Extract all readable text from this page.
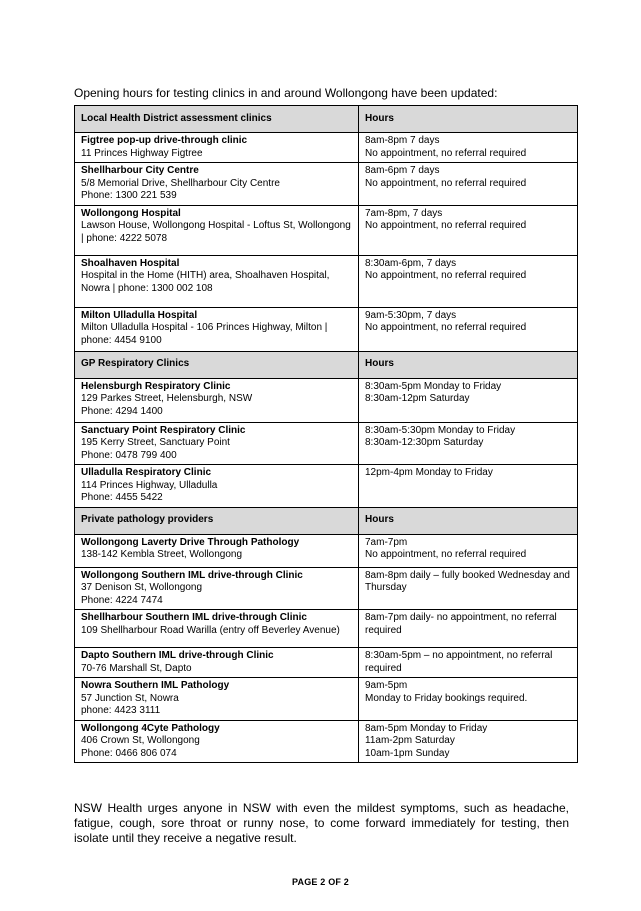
Opening hours for testing clinics in and around Wollongong have been updated:

Local Health District assessment clinics	Hours

Figtree pop-up drive-through clinic
11 Princes Highway Figtree	8am-8pm 7 days
No appointment, no referral required

Shellharbour City Centre
5/8 Memorial Drive, Shellharbour City Centre
Phone: 1300 221 539	8am-6pm 7 days
No appointment, no referral required

Wollongong Hospital
Lawson House, Wollongong Hospital - Loftus St, Wollongong | phone: 4222 5078	7am-8pm, 7 days
No appointment, no referral required

Shoalhaven Hospital
Hospital in the Home (HITH) area, Shoalhaven Hospital, Nowra | phone: 1300 002 108	8:30am-6pm, 7 days
No appointment, no referral required

Milton Ulladulla Hospital
Milton Ulladulla Hospital - 106 Princes Highway, Milton | phone: 4454 9100	9am-5:30pm, 7 days
No appointment, no referral required

GP Respiratory Clinics	Hours

Helensburgh Respiratory Clinic
129 Parkes Street, Helensburgh, NSW
Phone: 4294 1400	8:30am-5pm Monday to Friday
8:30am-12pm Saturday

Sanctuary Point Respiratory Clinic
195 Kerry Street, Sanctuary Point
Phone: 0478 799 400	8:30am-5:30pm Monday to Friday
8:30am-12:30pm Saturday

Ulladulla Respiratory Clinic
114 Princes Highway, Ulladulla
Phone: 4455 5422	12pm-4pm Monday to Friday

Private pathology providers	Hours

Wollongong Laverty Drive Through Pathology
138-142 Kembla Street, Wollongong	7am-7pm
No appointment, no referral required

Wollongong Southern IML drive-through Clinic
37 Denison St, Wollongong
Phone: 4224 7474	8am-8pm daily – fully booked Wednesday and Thursday

Shellharbour Southern IML drive-through Clinic
109 Shellharbour Road Warilla (entry off Beverley Avenue)	8am-7pm daily- no appointment, no referral required

Dapto Southern IML drive-through Clinic
70-76 Marshall St, Dapto	8:30am-5pm – no appointment, no referral required

Nowra Southern IML Pathology
57 Junction St, Nowra
phone: 4423 3111	9am-5pm
Monday to Friday bookings required.

Wollongong 4Cyte Pathology
406 Crown St, Wollongong
Phone: 0466 806 074	8am-5pm Monday to Friday
11am-2pm Saturday
10am-1pm Sunday

NSW Health urges anyone in NSW with even the mildest symptoms, such as headache, fatigue, cough, sore throat or runny nose, to come forward immediately for testing, then isolate until they receive a negative result.

PAGE 2 OF 2
